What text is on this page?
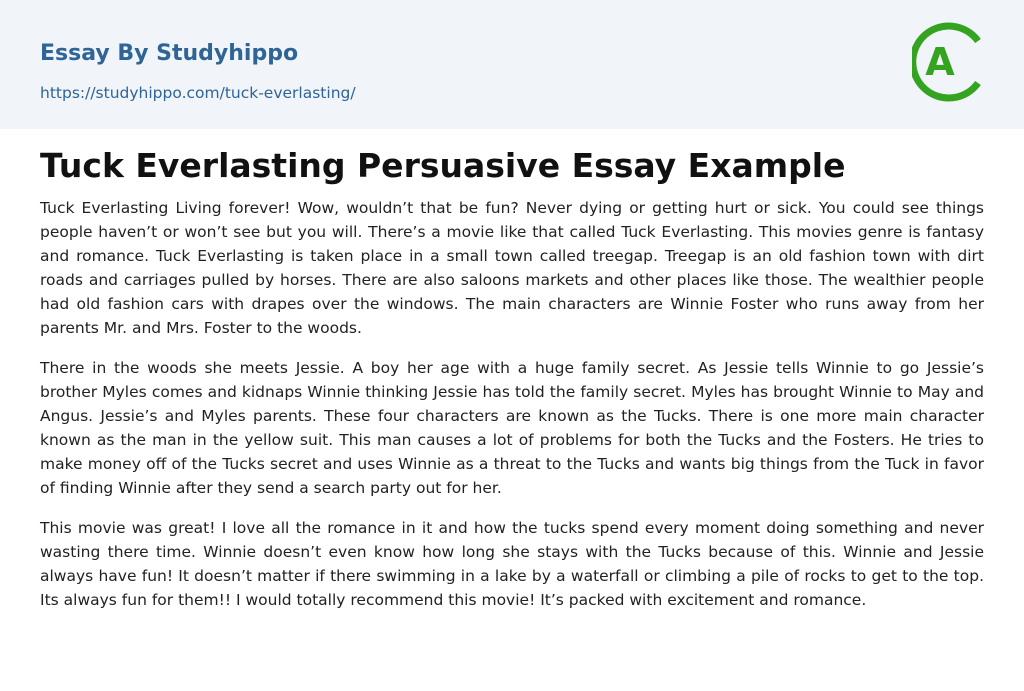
Essay By Studyhippo
https://studyhippo.com/tuck-everlasting/
A
Tuck Everlasting Persuasive Essay Example

Tuck Everlasting Living forever! Wow, wouldn’t that be fun? Never dying or getting hurt or sick. You could see things people haven’t or won’t see but you will. There’s a movie like that called Tuck Everlasting. This movies genre is fantasy and romance. Tuck Everlasting is taken place in a small town called treegap. Treegap is an old fashion town with dirt roads and carriages pulled by horses. There are also saloons markets and other places like those. The wealthier people had old fashion cars with drapes over the windows. The main characters are Winnie Foster who runs away from her parents Mr. and Mrs. Foster to the woods.

There in the woods she meets Jessie. A boy her age with a huge family secret. As Jessie tells Winnie to go Jessie’s brother Myles comes and kidnaps Winnie thinking Jessie has told the family secret. Myles has brought Winnie to May and Angus. Jessie’s and Myles parents. These four characters are known as the Tucks. There is one more main character known as the man in the yellow suit. This man causes a lot of problems for both the Tucks and the Fosters. He tries to make money off of the Tucks secret and uses Winnie as a threat to the Tucks and wants big things from the Tuck in favor of finding Winnie after they send a search party out for her.

This movie was great! I love all the romance in it and how the tucks spend every moment doing something and never wasting there time. Winnie doesn’t even know how long she stays with the Tucks because of this. Winnie and Jessie always have fun! It doesn’t matter if there swimming in a lake by a waterfall or climbing a pile of rocks to get to the top. Its always fun for them!! I would totally recommend this movie! It’s packed with excitement and romance.
